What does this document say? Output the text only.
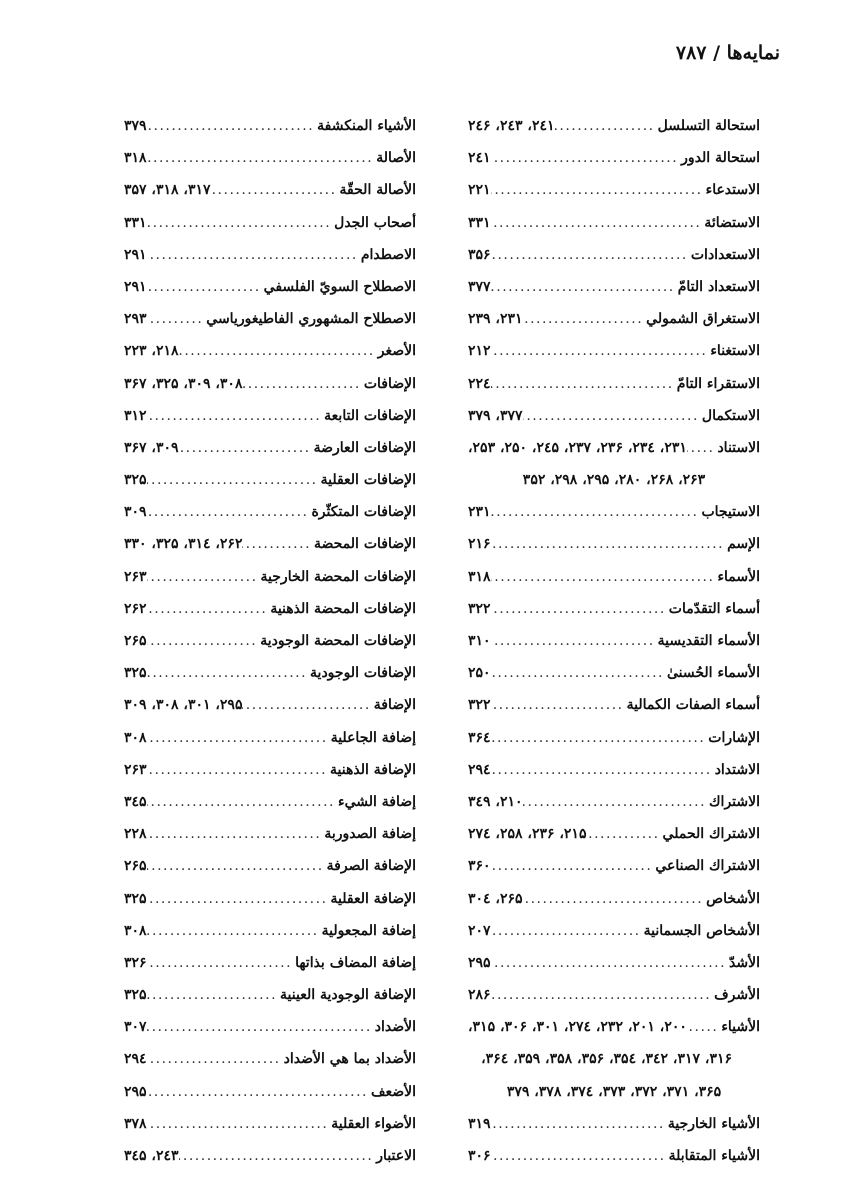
نمايه‌ها / ٧٨٧
استحالة التسلسل
.....
٢٤١، ٢٤٣، ٢٤۶
استحالة الدور
.....
٢٤١
الاستدعاء
.....
٢٢١
الاستضائة
.....
٣٣١
الاستعدادات
.....
٣۵۶
الاستعداد التامّ
.....
٣٧٧
الاستغراق الشمولي
.....
٢٣١، ٢٣٩
الاستغناء
.....
٢١٢
الاستقراء التامّ
.....
٢٢٤
الاستكمال
.....
٣٧٧، ٣٧٩
الاستناد
.....
٢٣١، ٢٣٤، ٢٣۶، ٢٣٧، ٢٤۵، ٢۵٠، ٢۵٣،
٢۶٣، ٢۶٨، ٢٨٠، ٢٩۵، ٢٩٨، ٣۵٢
الاستيجاب
.....
٢٣١
الإسم
.....
٢١۶
الأسماء
.....
٣١٨
أسماء التقدّمات
.....
٣٢٢
الأسماء التقديسية
.....
٣١٠
الأسماء الحُسنىٰ
.....
٢۵٠
أسماء الصفات الكمالية
.....
٣٢٢
الإشارات
.....
٣۶٤
الاشتداد
.....
٢٩٤
الاشتراك
.....
٢١٠، ٣٤٩
الاشتراك الحملي
.....
٢١۵، ٢٣۶، ٢۵٨، ٢٧٤
الاشتراك الصناعي
.....
٣۶٠
الأشخاص
.....
٢۶۵، ٣٠٤
الأشخاص الجسمانية
.....
٢٠٧
الأشدّ
.....
٢٩۵
الأشرف
.....
٢٨۶
الأشياء
.....
٢٠٠، ٢٠١، ٢٣٢، ٢٧٤، ٣٠١، ٣٠۶، ٣١۵،
٣١۶، ٣١٧، ٣٤٢، ٣۵٤، ٣۵۶، ٣۵٨، ٣۵٩، ٣۶٤،
٣۶۵، ٣٧١، ٣٧٢، ٣٧٣، ٣٧٤، ٣٧٨، ٣٧٩
الأشياء الخارجية
.....
٣١٩
الأشياء المتقابلة
.....
٣٠۶
الأشياء المنكشفة
.....
٣٧٩
الأصالة
.....
٣١٨
الأصالة الحقّة
.....
٣١٧، ٣١٨، ٣۵٧
أصحاب الجدل
.....
٣٣١
الاصطدام
.....
٢٩١
الاصطلاح السويّ الفلسفي
.....
٢٩١
الاصطلاح المشهوري الفاطيغورياسي
.....
٢٩٣
الأصغر
.....
٢١٨، ٢٢٣
الإضافات
.....
٣٠٨، ٣٠٩، ٣٢۵، ٣۶٧
الإضافات التابعة
.....
٣١٢
الإضافات العارضة
.....
٣٠٩، ٣۶٧
الإضافات العقلية
.....
٣٢۵
الإضافات المتكثّرة
.....
٣٠٩
الإضافات المحضة
.....
٢۶٢، ٣١٤، ٣٢۵، ٣٣٠
الإضافات المحضة الخارجية
.....
٢۶٣
الإضافات المحضة الذهنية
.....
٢۶٢
الإضافات المحضة الوجودية
.....
٢۶۵
الإضافات الوجودية
.....
٣٢۵
الإضافة
.....
٢٩۵، ٣٠١، ٣٠٨، ٣٠٩
إضافة الجاعلية
.....
٣٠٨
الإضافة الذهنية
.....
٢۶٣
إضافة الشيء
.....
٣٤۵
إضافة الصدوربة
.....
٢٢٨
الإضافة الصرفة
.....
٢۶۵
الإضافة العقلية
.....
٣٢۵
إضافة المجعولية
.....
٣٠٨
إضافة المضاف بذاتها
.....
٣٢۶
الإضافة الوجودية العينية
.....
٣٢۵
الأضداد
.....
٣٠٧
الأضداد بما هي الأضداد
.....
٢٩٤
الأضعف
.....
٢٩۵
الأضواء العقلية
.....
٣٧٨
الاعتبار
.....
٢٤٣، ٣٤۵
